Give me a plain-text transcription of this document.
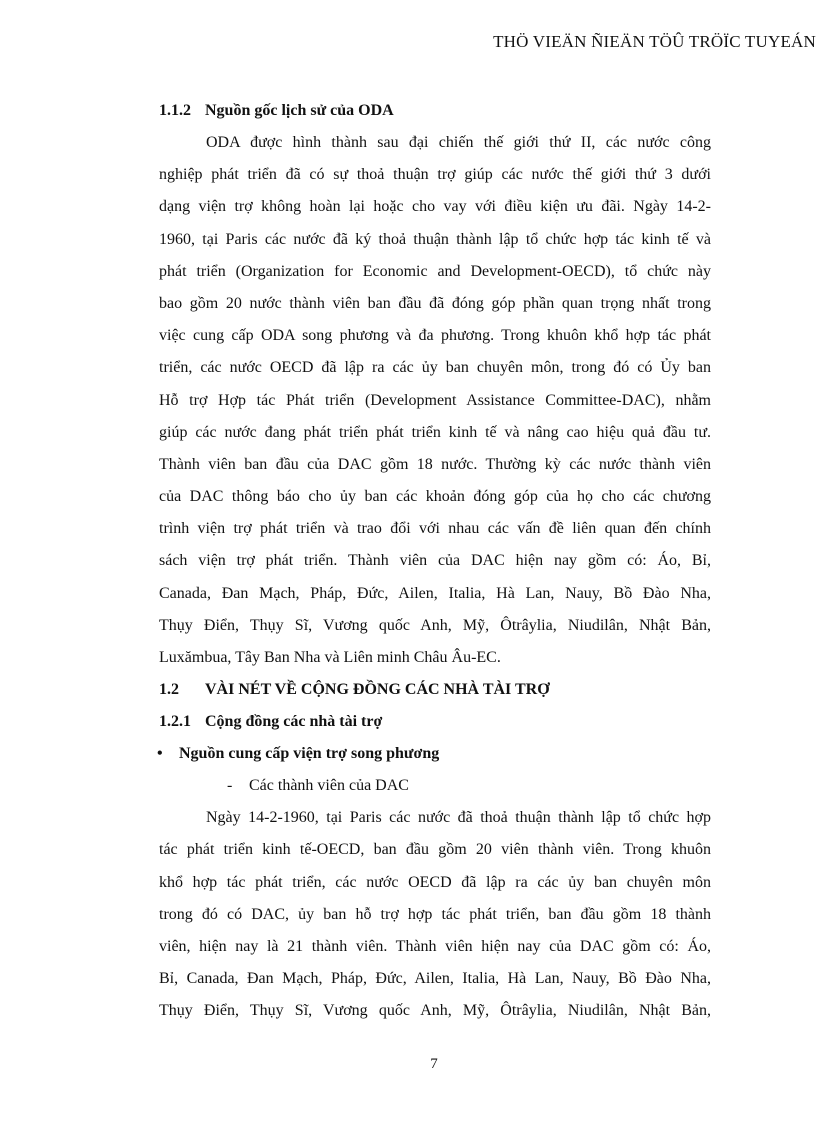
THÖ VIEÄN ÑIEÄN TÖÛ TRÖÏC TUYEÁN
1.1.2 Nguồn gốc lịch sử của ODA
ODA được hình thành sau đại chiến thế giới thứ II, các nước công
nghiệp phát triển đã có sự thoả thuận trợ giúp các nước thế giới thứ 3 dưới
dạng viện trợ không hoàn lại hoặc cho vay với điều kiện ưu đãi. Ngày 14-2-
1960, tại Paris các nước đã ký thoả thuận thành lập tổ chức hợp tác kinh tế và
phát triển (Organization for Economic and Development-OECD), tổ chức này
bao gồm 20 nước thành viên ban đầu đã đóng góp phần quan trọng nhất trong
việc cung cấp ODA song phương và đa phương. Trong khuôn khổ hợp tác phát
triển, các nước OECD đã lập ra các ủy ban chuyên môn, trong đó có Ủy ban
Hỗ trợ Hợp tác Phát triển (Development Assistance Committee-DAC), nhằm
giúp các nước đang phát triển phát triển kinh tế và nâng cao hiệu quả đầu tư.
Thành viên ban đầu của DAC gồm 18 nước. Thường kỳ các nước thành viên
của DAC thông báo cho ủy ban các khoản đóng góp của họ cho các chương
trình viện trợ phát triển và trao đổi với nhau các vấn đề liên quan đến chính
sách viện trợ phát triển. Thành viên của DAC hiện nay gồm có: Áo, Bỉ,
Canada, Đan Mạch, Pháp, Đức, Ailen, Italia, Hà Lan, Nauy, Bồ Đào Nha,
Thụy Điển, Thụy Sĩ, Vương quốc Anh, Mỹ, Ôtrâylia, Niudilân, Nhật Bản,
Luxămbua, Tây Ban Nha và Liên minh Châu Âu-EC.
1.2 VÀI NÉT VỀ CỘNG ĐỒNG CÁC NHÀ TÀI TRỢ
1.2.1 Cộng đồng các nhà tài trợ
• Nguồn cung cấp viện trợ song phương
- Các thành viên của DAC
Ngày 14-2-1960, tại Paris các nước đã thoả thuận thành lập tổ chức hợp
tác phát triển kinh tế-OECD, ban đầu gồm 20 viên thành viên. Trong khuôn
khổ hợp tác phát triển, các nước OECD đã lập ra các ủy ban chuyên môn
trong đó có DAC, ủy ban hỗ trợ hợp tác phát triển, ban đầu gồm 18 thành
viên, hiện nay là 21 thành viên. Thành viên hiện nay của DAC gồm có: Áo,
Bỉ, Canada, Đan Mạch, Pháp, Đức, Ailen, Italia, Hà Lan, Nauy, Bồ Đào Nha,
Thụy Điển, Thụy Sĩ, Vương quốc Anh, Mỹ, Ôtrâylia, Niudilân, Nhật Bản,
7
